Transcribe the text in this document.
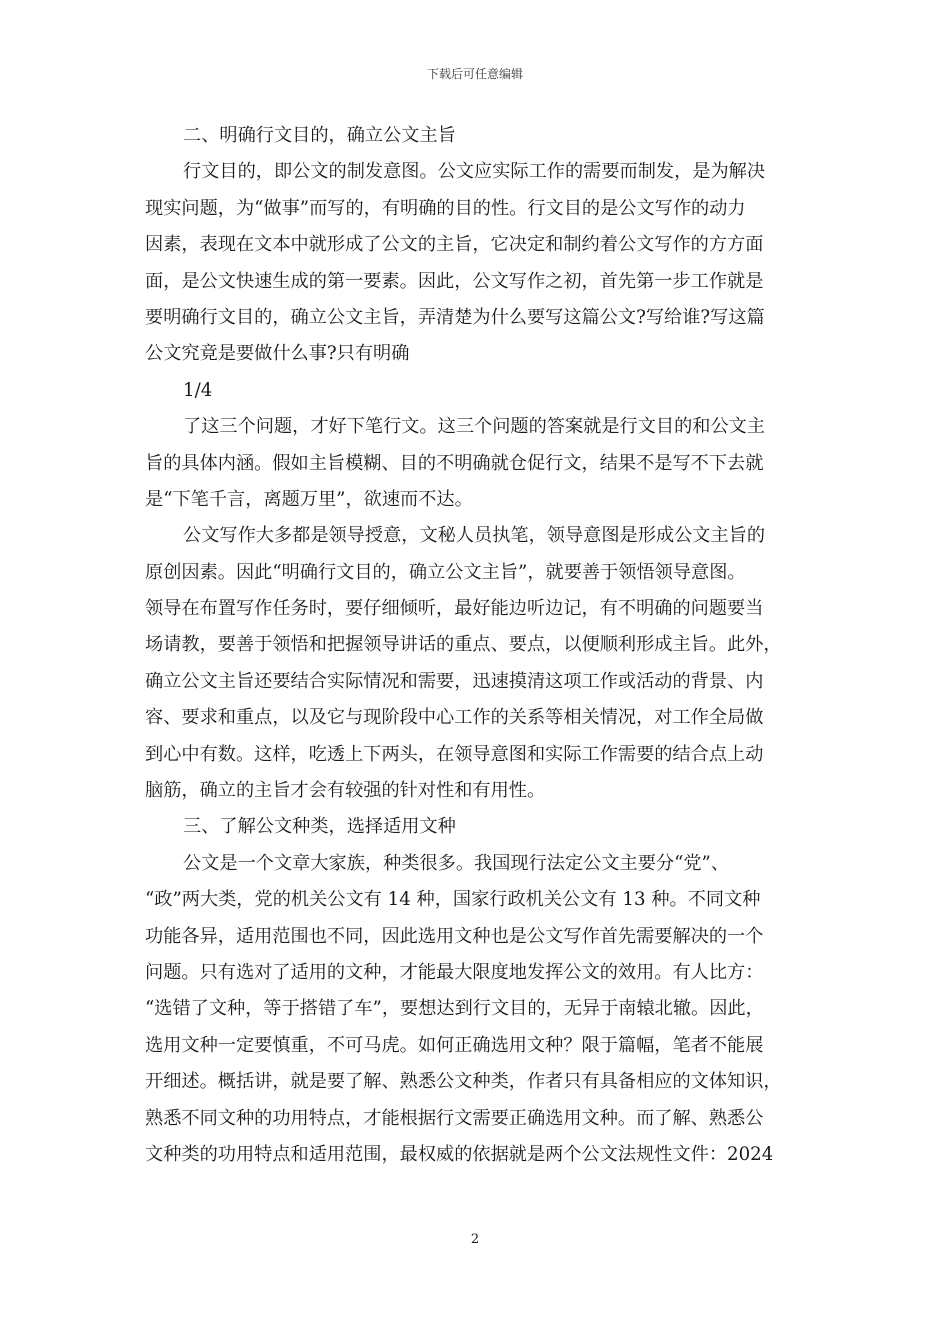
下载后可任意编辑
二、明确行文目的，确立公文主旨
行文目的，即公文的制发意图。公文应实际工作的需要而制发，是为解决
现实问题，为“做事”而写的，有明确的目的性。行文目的是公文写作的动力
因素，表现在文本中就形成了公文的主旨，它决定和制约着公文写作的方方面
面，是公文快速生成的第一要素。因此，公文写作之初，首先第一步工作就是
要明确行文目的，确立公文主旨，弄清楚为什么要写这篇公文?写给谁?写这篇
公文究竟是要做什么事?只有明确
1/4
了这三个问题，才好下笔行文。这三个问题的答案就是行文目的和公文主
旨的具体内涵。假如主旨模糊、目的不明确就仓促行文，结果不是写不下去就
是“下笔千言，离题万里”，欲速而不达。
公文写作大多都是领导授意，文秘人员执笔，领导意图是形成公文主旨的
原创因素。因此“明确行文目的，确立公文主旨”，就要善于领悟领导意图。
领导在布置写作任务时，要仔细倾听，最好能边听边记，有不明确的问题要当
场请教，要善于领悟和把握领导讲话的重点、要点，以便顺利形成主旨。此外，
确立公文主旨还要结合实际情况和需要，迅速摸清这项工作或活动的背景、内
容、要求和重点，以及它与现阶段中心工作的关系等相关情况，对工作全局做
到心中有数。这样，吃透上下两头，在领导意图和实际工作需要的结合点上动
脑筋，确立的主旨才会有较强的针对性和有用性。
三、了解公文种类，选择适用文种
公文是一个文章大家族，种类很多。我国现行法定公文主要分“党”、
“政”两大类，党的机关公文有 14 种，国家行政机关公文有 13 种。不同文种
功能各异，适用范围也不同，因此选用文种也是公文写作首先需要解决的一个
问题。只有选对了适用的文种，才能最大限度地发挥公文的效用。有人比方：
“选错了文种，等于搭错了车”，要想达到行文目的，无异于南辕北辙。因此，
选用文种一定要慎重，不可马虎。如何正确选用文种？限于篇幅，笔者不能展
开细述。概括讲，就是要了解、熟悉公文种类，作者只有具备相应的文体知识，
熟悉不同文种的功用特点，才能根据行文需要正确选用文种。而了解、熟悉公
文种类的功用特点和适用范围，最权威的依据就是两个公文法规性文件：2024
2
